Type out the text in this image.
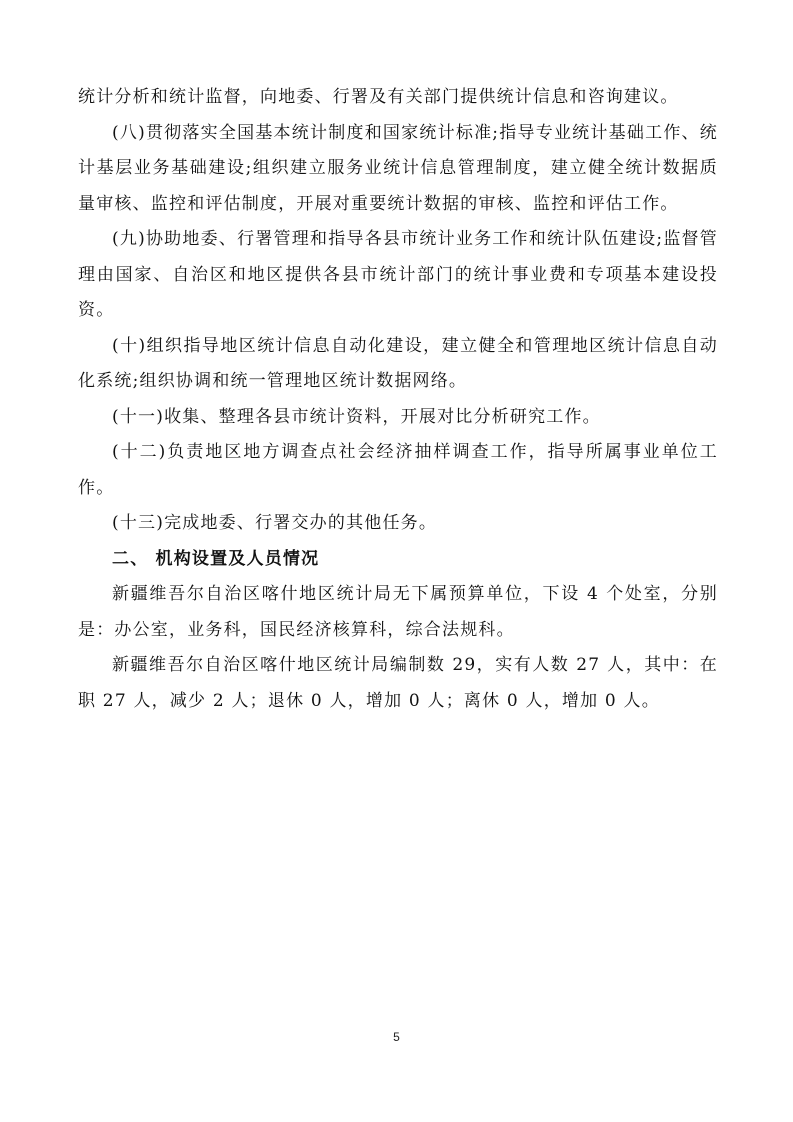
统计分析和统计监督，向地委、行署及有关部门提供统计信息和咨询建议。

(八)贯彻落实全国基本统计制度和国家统计标准;指导专业统计基础工作、统计基层业务基础建设;组织建立服务业统计信息管理制度，建立健全统计数据质量审核、监控和评估制度，开展对重要统计数据的审核、监控和评估工作。

(九)协助地委、行署管理和指导各县市统计业务工作和统计队伍建设;监督管理由国家、自治区和地区提供各县市统计部门的统计事业费和专项基本建设投资。

(十)组织指导地区统计信息自动化建设，建立健全和管理地区统计信息自动化系统;组织协调和统一管理地区统计数据网络。

(十一)收集、整理各县市统计资料，开展对比分析研究工作。

(十二)负责地区地方调查点社会经济抽样调查工作，指导所属事业单位工作。

(十三)完成地委、行署交办的其他任务。

二、 机构设置及人员情况

新疆维吾尔自治区喀什地区统计局无下属预算单位，下设 4 个处室，分别是：办公室，业务科，国民经济核算科，综合法规科。

新疆维吾尔自治区喀什地区统计局编制数 29，实有人数 27 人，其中：在职 27 人，减少 2 人；退休 0 人，增加 0 人；离休 0 人，增加 0 人。

5
